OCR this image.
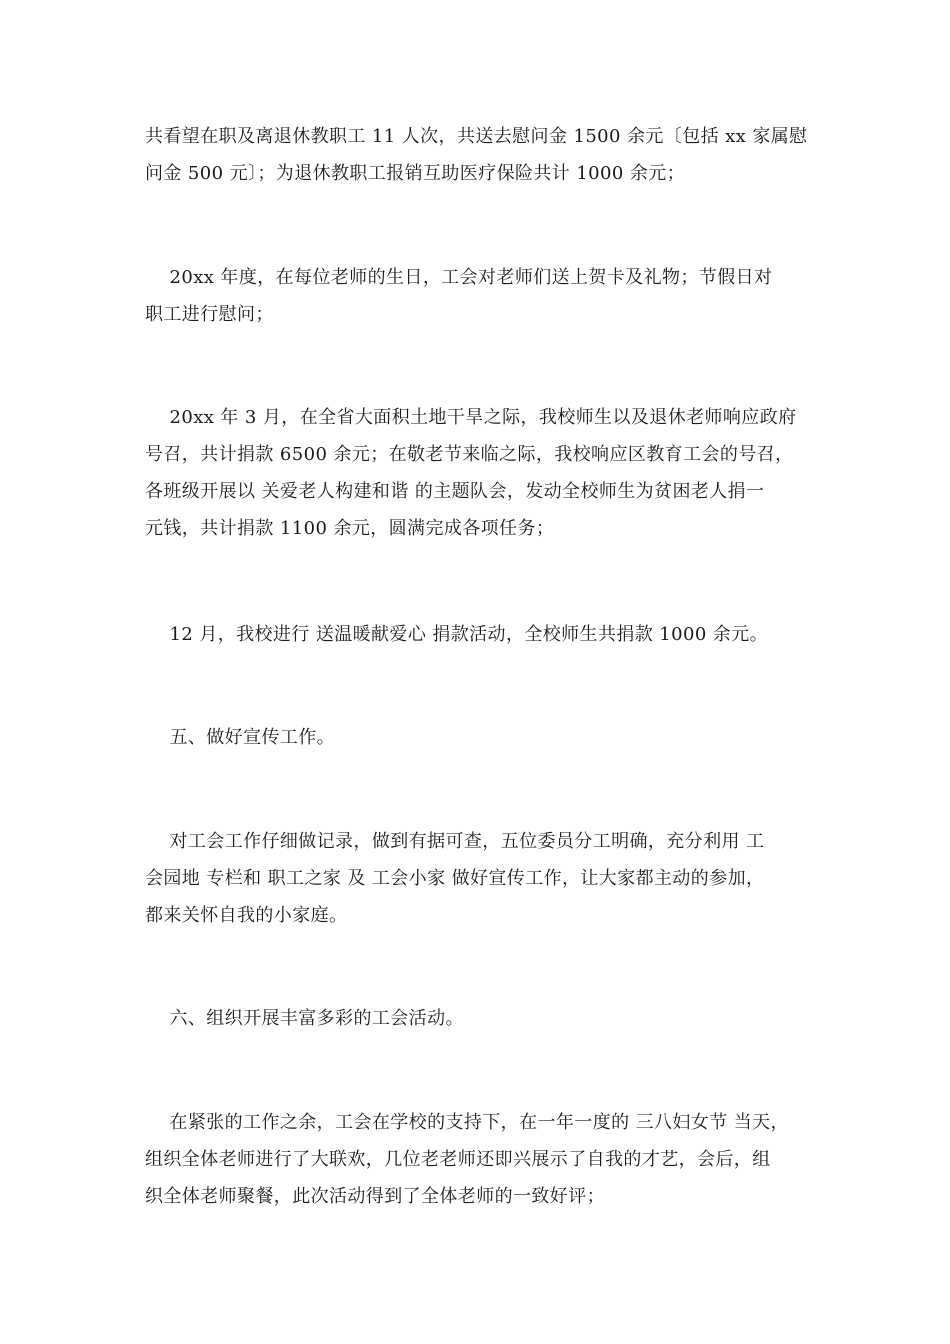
共看望在职及离退休教职工 11 人次，共送去慰问金 1500 余元〔包括 xx 家属慰
问金 500 元〕；为退休教职工报销互助医疗保险共计 1000 余元；
20xx 年度，在每位老师的生日，工会对老师们送上贺卡及礼物；节假日对
职工进行慰问；
20xx 年 3 月，在全省大面积土地干旱之际，我校师生以及退休老师响应政府
号召，共计捐款 6500 余元；在敬老节来临之际，我校响应区教育工会的号召，
各班级开展以 关爱老人构建和谐 的主题队会，发动全校师生为贫困老人捐一
元钱，共计捐款 1100 余元，圆满完成各项任务；
12 月，我校进行 送温暖献爱心 捐款活动，全校师生共捐款 1000 余元。
五、做好宣传工作。
对工会工作仔细做记录，做到有据可查，五位委员分工明确，充分利用 工
会园地 专栏和 职工之家 及 工会小家 做好宣传工作，让大家都主动的参加，
都来关怀自我的小家庭。
六、组织开展丰富多彩的工会活动。
在紧张的工作之余，工会在学校的支持下，在一年一度的 三八妇女节 当天，
组织全体老师进行了大联欢，几位老老师还即兴展示了自我的才艺，会后，组
织全体老师聚餐，此次活动得到了全体老师的一致好评；
